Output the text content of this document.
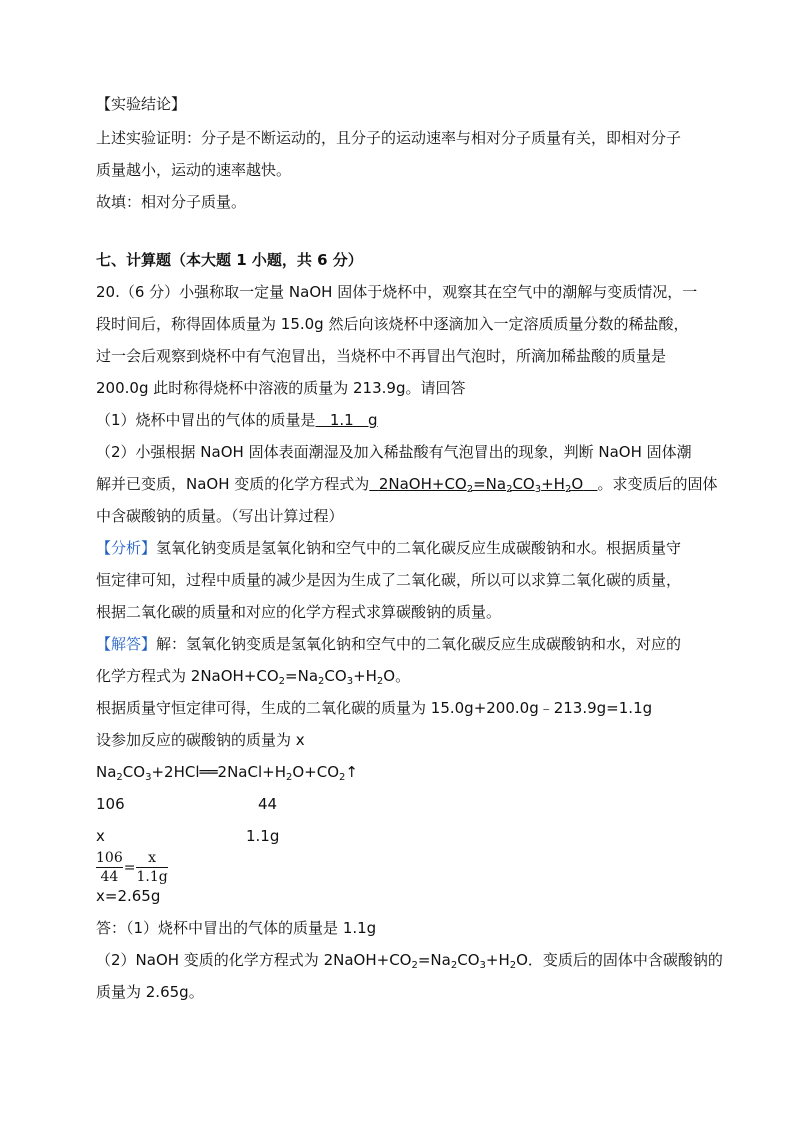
【实验结论】
上述实验证明：分子是不断运动的，且分子的运动速率与相对分子质量有关，即相对分子
质量越小，运动的速率越快。
故填：相对分子质量。
七、计算题（本大题 1 小题，共 6 分）
20.（6 分）小强称取一定量 NaOH 固体于烧杯中，观察其在空气中的潮解与变质情况，一
段时间后，称得固体质量为 15.0g 然后向该烧杯中逐滴加入一定溶质质量分数的稀盐酸，
过一会后观察到烧杯中有气泡冒出，当烧杯中不再冒出气泡时，所滴加稀盐酸的质量是
200.0g 此时称得烧杯中溶液的质量为 213.9g。请回答
（1）烧杯中冒出的气体的质量是   1.1   g
（2）小强根据 NaOH 固体表面潮湿及加入稀盐酸有气泡冒出的现象，判断 NaOH 固体潮
解并已变质，NaOH 变质的化学方程式为 $2NaOH+CO_2=Na_2CO_3+H_2O$ 。求变质后的固体
中含碳酸钠的质量。（写出计算过程）
【分析】氢氧化钠变质是氢氧化钠和空气中的二氧化碳反应生成碳酸钠和水。根据质量守
恒定律可知，过程中质量的减少是因为生成了二氧化碳，所以可以求算二氧化碳的质量，
根据二氧化碳的质量和对应的化学方程式求算碳酸钠的质量。
【解答】解：氢氧化钠变质是氢氧化钠和空气中的二氧化碳反应生成碳酸钠和水，对应的
化学方程式为 $2NaOH+CO_2=Na_2CO_3+H_2O$。
根据质量守恒定律可得，生成的二氧化碳的质量为 15.0g+200.0g﹣213.9g=1.1g
设参加反应的碳酸钠的质量为 x
$Na_2CO_3+2HCl══2NaCl+H_2O+CO_2↑$
106	44
x	1.1g
$\frac{106}{44} = \frac{x}{1.1g}$
x=2.65g
答：（1）烧杯中冒出的气体的质量是 1.1g
（2）NaOH 变质的化学方程式为 $2NaOH+CO_2=Na_2CO_3+H_2O$．变质后的固体中含碳酸钠的
质量为 2.65g。
